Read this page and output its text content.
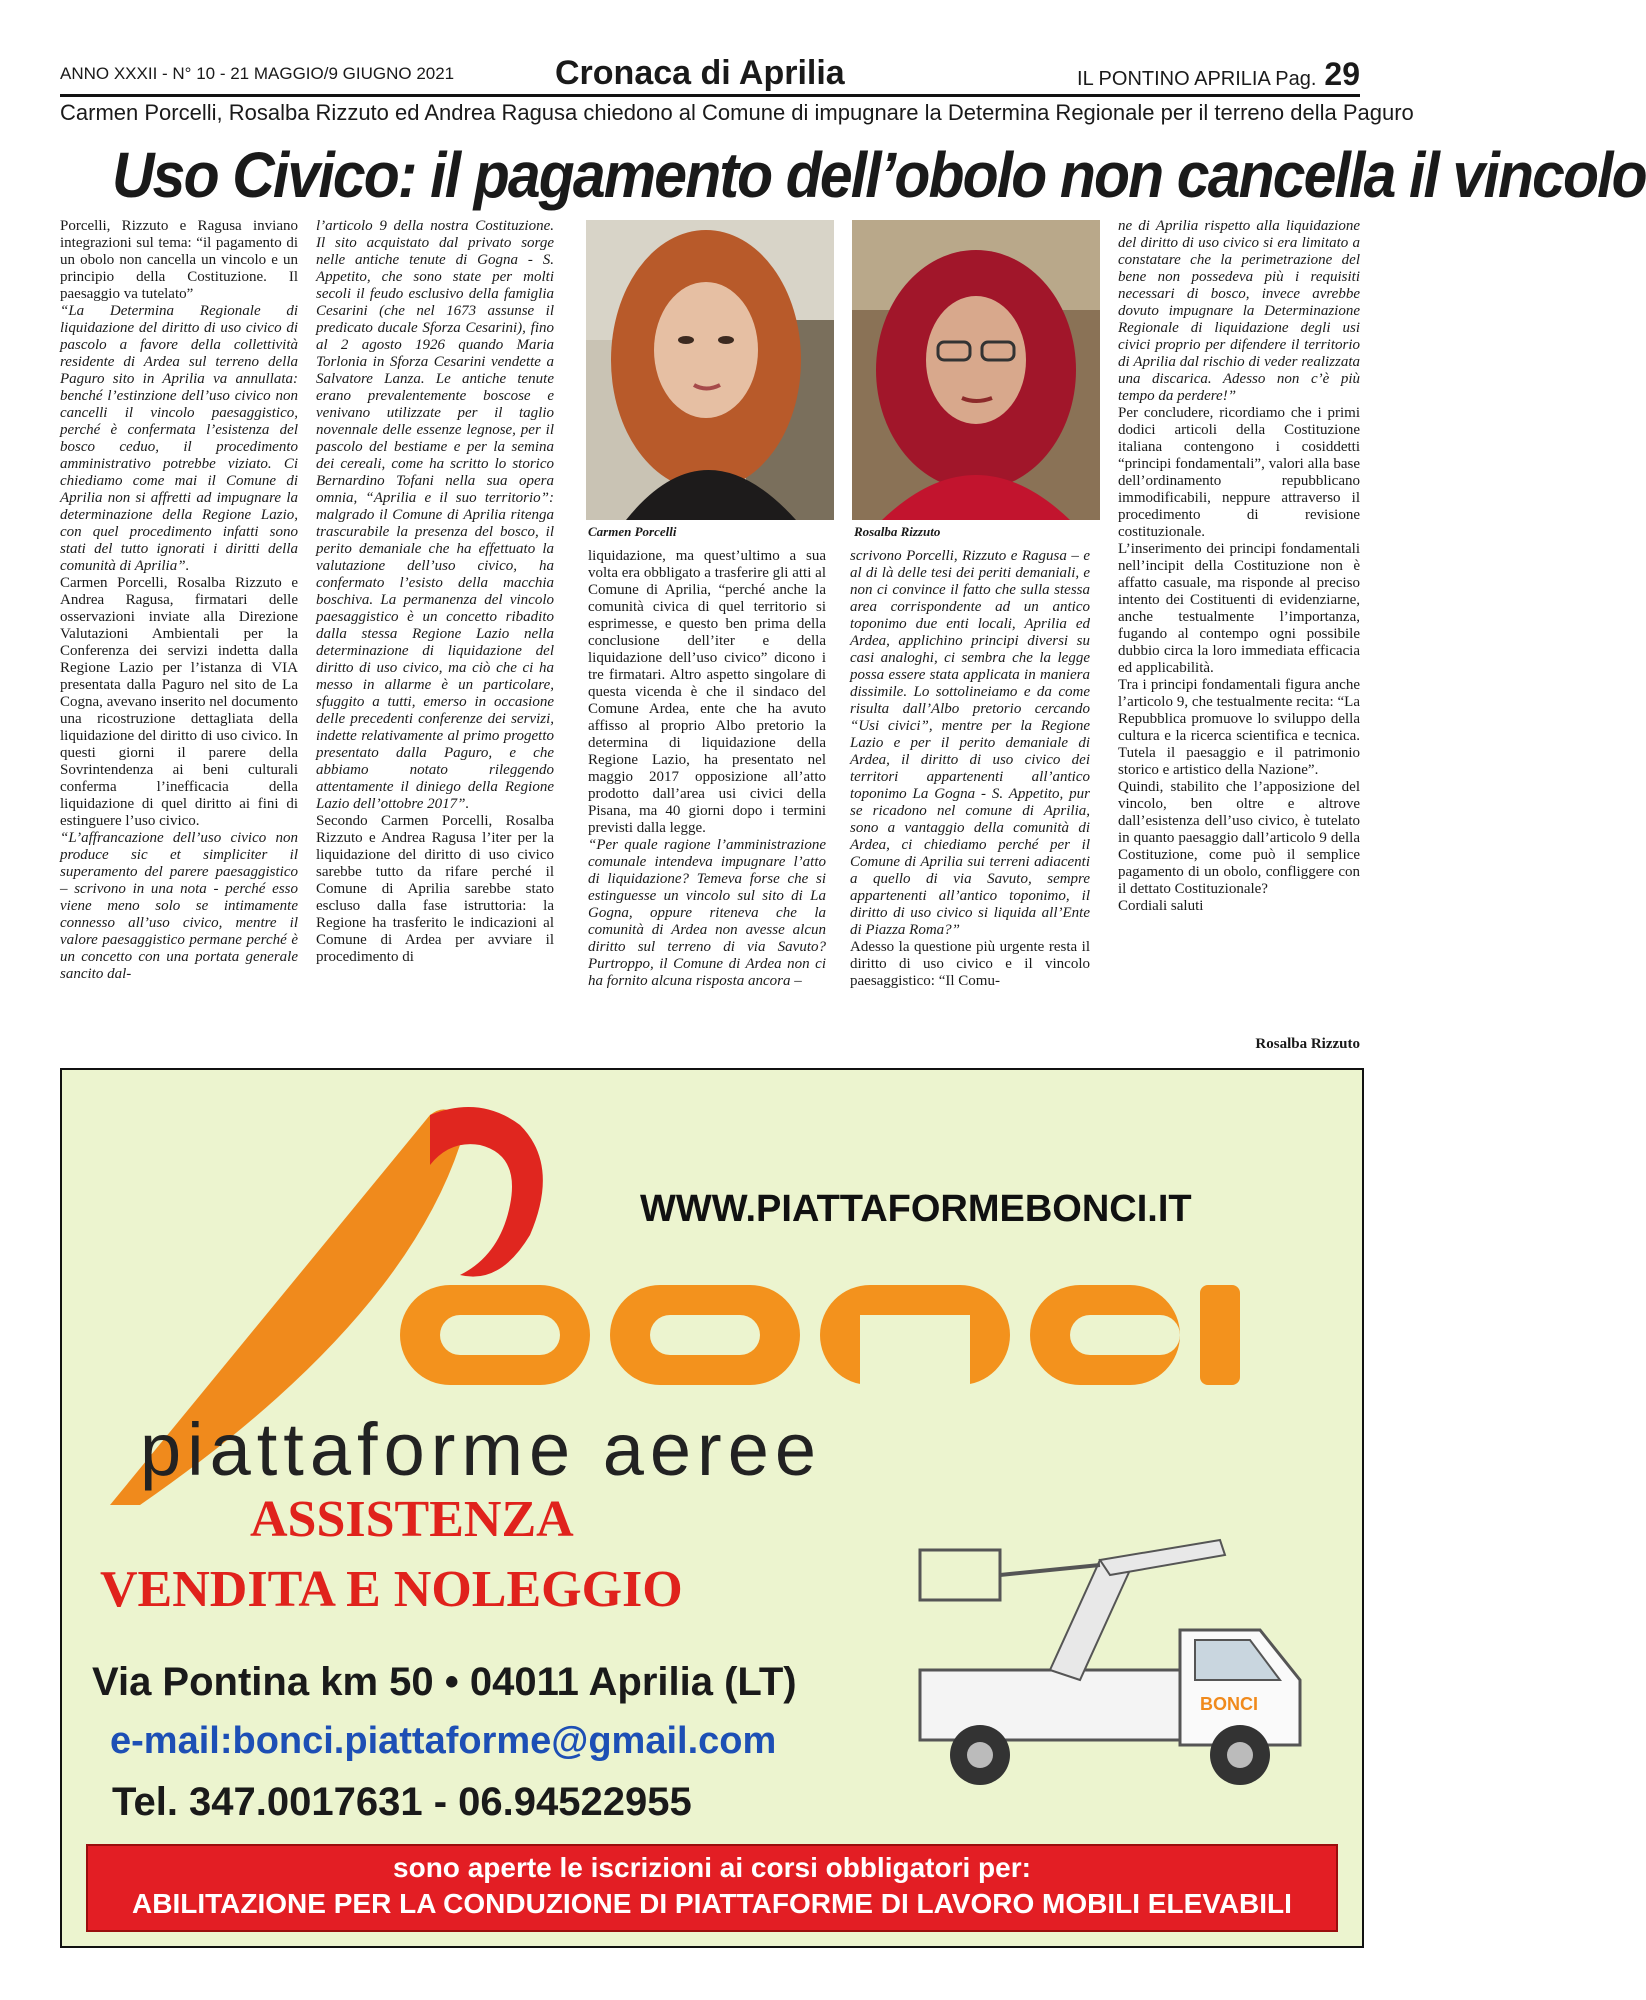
ANNO XXXII - N° 10 - 21 MAGGIO/9 GIUGNO 2021	Cronaca di Aprilia	IL PONTINO APRILIA Pag. 29
Carmen Porcelli, Rosalba Rizzuto ed Andrea Ragusa chiedono al Comune di impugnare la Determina Regionale per il terreno della Paguro
Uso Civico: il pagamento dell’obolo non cancella il vincolo

Porcelli, Rizzuto e Ragusa inviano integrazioni sul tema: “il pagamento di un obolo non cancella un vincolo e un principio della Costituzione. Il paesaggio va tutelato”

“La Determina Regionale di liquidazione del diritto di uso civico di pascolo a favore della collettività residente di Ardea sul terreno della Paguro sito in Aprilia va annullata: benché l’estinzione dell’uso civico non cancelli il vincolo paesaggistico, perché è confermata l’esistenza del bosco ceduo, il procedimento amministrativo potrebbe viziato. Ci chiediamo come mai il Comune di Aprilia non si affretti ad impugnare la determinazione della Regione Lazio, con quel procedimento infatti sono stati del tutto ignorati i diritti della comunità di Aprilia”.

Carmen Porcelli, Rosalba Rizzuto e Andrea Ragusa, firmatari delle osservazioni inviate alla Direzione Valutazioni Ambientali per la Conferenza dei servizi indetta dalla Regione Lazio per l’istanza di VIA presentata dalla Paguro nel sito de La Cogna, avevano inserito nel documento una ricostruzione dettagliata della liquidazione del diritto di uso civico. In questi giorni il parere della Sovrintendenza ai beni culturali conferma l’inefficacia della liquidazione di quel diritto ai fini di estinguere l’uso civico.

“L’affrancazione dell’uso civico non produce sic et simpliciter il superamento del parere paesaggistico – scrivono in una nota - perché esso viene meno solo se intimamente connesso all’uso civico, mentre il valore paesaggistico permane perché è un concetto con una portata generale sancito dal-

l’articolo 9 della nostra Costituzione. Il sito acquistato dal privato sorge nelle antiche tenute di Gogna - S. Appetito, che sono state per molti secoli il feudo esclusivo della famiglia Cesarini (che nel 1673 assunse il predicato ducale Sforza Cesarini), fino al 2 agosto 1926 quando Maria Torlonia in Sforza Cesarini vendette a Salvatore Lanza. Le antiche tenute erano prevalentemente boscose e venivano utilizzate per il taglio novennale delle essenze legnose, per il pascolo del bestiame e per la semina dei cereali, come ha scritto lo storico Bernardino Tofani nella sua opera omnia, “Aprilia e il suo territorio”: malgrado il Comune di Aprilia ritenga trascurabile la presenza del bosco, il perito demaniale che ha effettuato la valutazione dell’uso civico, ha confermato l’esisto della macchia boschiva. La permanenza del vincolo paesaggistico è un concetto ribadito dalla stessa Regione Lazio nella determinazione di liquidazione del diritto di uso civico, ma ciò che ci ha messo in allarme è un particolare, sfuggito a tutti, emerso in occasione delle precedenti conferenze dei servizi, indette relativamente al primo progetto presentato dalla Paguro, e che abbiamo notato rileggendo attentamente il diniego della Regione Lazio dell’ottobre 2017”.

Secondo Carmen Porcelli, Rosalba Rizzuto e Andrea Ragusa l’iter per la liquidazione del diritto di uso civico sarebbe tutto da rifare perché il Comune di Aprilia sarebbe stato escluso dalla fase istruttoria: la Regione ha trasferito le indicazioni al Comune di Ardea per avviare il procedimento di

Carmen Porcelli	Rosalba Rizzuto

liquidazione, ma quest’ultimo a sua volta era obbligato a trasferire gli atti al Comune di Aprilia, “perché anche la comunità civica di quel territorio si esprimesse, e questo ben prima della conclusione dell’iter e della liquidazione dell’uso civico” dicono i tre firmatari. Altro aspetto singolare di questa vicenda è che il sindaco del Comune Ardea, ente che ha avuto affisso al proprio Albo pretorio la determina di liquidazione della Regione Lazio, ha presentato nel maggio 2017 opposizione all’atto prodotto dall’area usi civici della Pisana, ma 40 giorni dopo i termini previsti dalla legge.

“Per quale ragione l’amministrazione comunale intendeva impugnare l’atto di liquidazione? Temeva forse che si estinguesse un vincolo sul sito di La Gogna, oppure riteneva che la comunità di Ardea non avesse alcun diritto sul terreno di via Savuto? Purtroppo, il Comune di Ardea non ci ha fornito alcuna risposta ancora –

scrivono Porcelli, Rizzuto e Ragusa – e al di là delle tesi dei periti demaniali, e non ci convince il fatto che sulla stessa area corrispondente ad un antico toponimo due enti locali, Aprilia ed Ardea, applichino principi diversi su casi analoghi, ci sembra che la legge possa essere stata applicata in maniera dissimile. Lo sottolineiamo e da come risulta dall’Albo pretorio cercando “Usi civici”, mentre per la Regione Lazio e per il perito demaniale di Ardea, il diritto di uso civico dei territori appartenenti all’antico toponimo La Gogna - S. Appetito, pur se ricadono nel comune di Aprilia, sono a vantaggio della comunità di Ardea, ci chiediamo perché per il Comune di Aprilia sui terreni adiacenti a quello di via Savuto, sempre appartenenti all’antico toponimo, il diritto di uso civico si liquida all’Ente di Piazza Roma?”

Adesso la questione più urgente resta il diritto di uso civico e il vincolo paesaggistico: “Il Comu-

ne di Aprilia rispetto alla liquidazione del diritto di uso civico si era limitato a constatare che la perimetrazione del bene non possedeva più i requisiti necessari di bosco, invece avrebbe dovuto impugnare la Determinazione Regionale di liquidazione degli usi civici proprio per difendere il territorio di Aprilia dal rischio di veder realizzata una discarica. Adesso non c’è più tempo da perdere!”

Per concludere, ricordiamo che i primi dodici articoli della Costituzione italiana contengono i cosiddetti “principi fondamentali”, valori alla base dell’ordinamento repubblicano immodificabili, neppure attraverso il procedimento di revisione costituzionale.

L’inserimento dei principi fondamentali nell’incipit della Costituzione non è affatto casuale, ma risponde al preciso intento dei Costituenti di evidenziarne, anche testualmente l’importanza, fugando al contempo ogni possibile dubbio circa la loro immediata efficacia ed applicabilità.

Tra i principi fondamentali figura anche l’articolo 9, che testualmente recita: “La Repubblica promuove lo sviluppo della cultura e la ricerca scientifica e tecnica. Tutela il paesaggio e il patrimonio storico e artistico della Nazione”.

Quindi, stabilito che l’apposizione del vincolo, ben oltre e altrove dall’esistenza dell’uso civico, è tutelato in quanto paesaggio dall’articolo 9 della Costituzione, come può il semplice pagamento di un obolo, confliggere con il dettato Costituzionale?

Cordiali saluti

Rosalba Rizzuto
piattaforme aeree
WWW.PIATTAFORMEBONCI.IT
ASSISTENZA
VENDITA E NOLEGGIO
Via Pontina km 50 • 04011 Aprilia (LT)
e-mail:bonci.piattaforme@gmail.com
Tel. 347.0017631 - 06.94522955
BONCI
sono aperte le iscrizioni ai corsi obbligatori per:
ABILITAZIONE PER LA CONDUZIONE DI PIATTAFORME DI LAVORO MOBILI ELEVABILI
